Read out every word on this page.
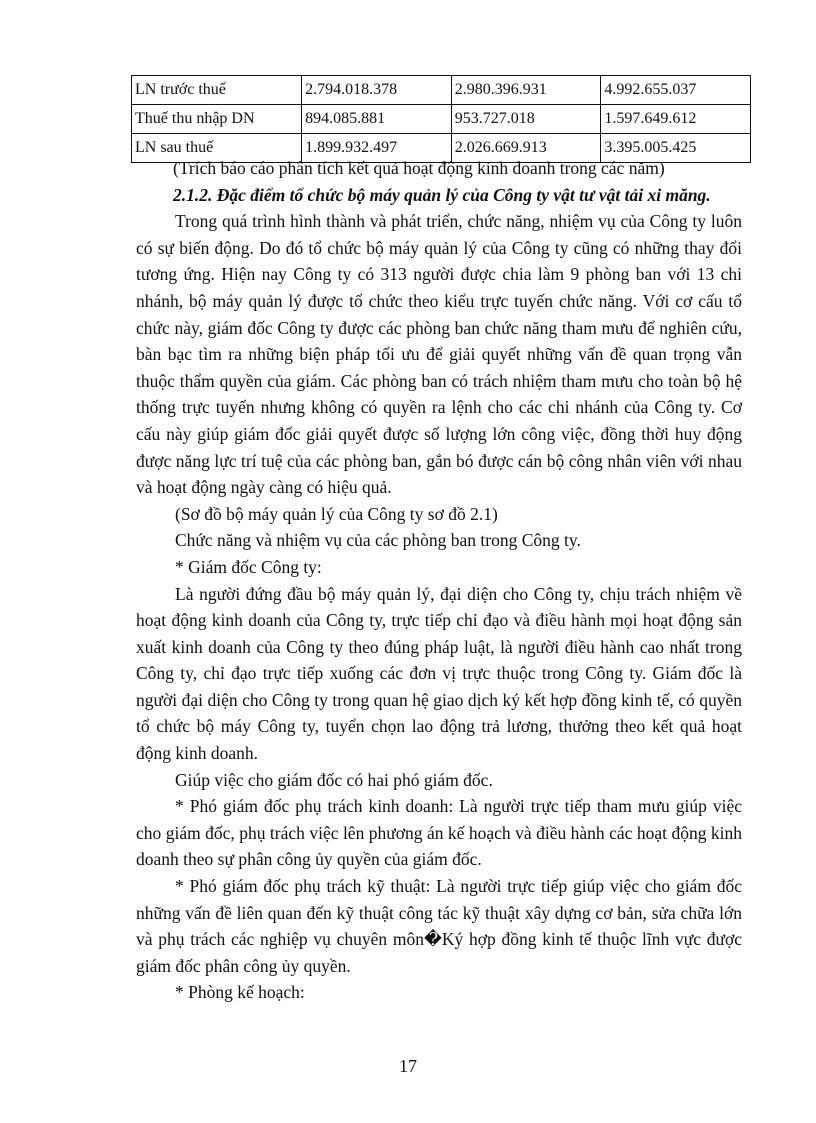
LN trước thuế	2.794.018.378	2.980.396.931	4.992.655.037
Thuế thu nhập DN	894.085.881	953.727.018	1.597.649.612
LN sau thuế	1.899.932.497	2.026.669.913	3.395.005.425

(Trích báo cáo phân tích kết quả hoạt động kinh doanh trong các năm)

2.1.2. Đặc điểm tổ chức bộ máy quản lý của Công ty vật tư vật tải xi măng.

Trong quá trình hình thành và phát triển, chức năng, nhiệm vụ của Công ty luôn có sự biến động. Do đó tổ chức bộ máy quản lý của Công ty cũng có những thay đổi tương ứng. Hiện nay Công ty có 313 người được chia làm 9 phòng ban với 13 chi nhánh, bộ máy quản lý được tổ chức theo kiểu trực tuyến chức năng. Với cơ cấu tổ chức này, giám đốc Công ty được các phòng ban chức năng tham mưu để nghiên cứu, bàn bạc tìm ra những biện pháp tối ưu để giải quyết những vấn đề quan trọng vẫn thuộc thẩm quyền của giám. Các phòng ban có trách nhiệm tham mưu cho toàn bộ hệ thống trực tuyến nhưng không có quyền ra lệnh cho các chi nhánh của Công ty. Cơ cấu này giúp giám đốc giải quyết được số lượng lớn công việc, đồng thời huy động được năng lực trí tuệ của các phòng ban, gắn bó được cán bộ công nhân viên với nhau và hoạt động ngày càng có hiệu quả.

(Sơ đồ bộ máy quản lý của Công ty sơ đồ 2.1)

Chức năng và nhiệm vụ của các phòng ban trong Công ty.

* Giám đốc Công ty:

Là người đứng đầu bộ máy quản lý, đại diện cho Công ty, chịu trách nhiệm về hoạt động kinh doanh của Công ty, trực tiếp chỉ đạo và điều hành mọi hoạt động sản xuất kinh doanh của Công ty theo đúng pháp luật, là người điều hành cao nhất trong Công ty, chỉ đạo trực tiếp xuống các đơn vị trực thuộc trong Công ty. Giám đốc là người đại diện cho Công ty trong quan hệ giao dịch ký kết hợp đồng kinh tế, có quyền tổ chức bộ máy Công ty, tuyển chọn lao động trả lương, thưởng theo kết quả hoạt động kinh doanh.

Giúp việc cho giám đốc có hai phó giám đốc.

* Phó giám đốc phụ trách kinh doanh: Là người trực tiếp tham mưu giúp việc cho giám đốc, phụ trách việc lên phương án kế hoạch và điều hành các hoạt động kinh doanh theo sự phân công ủy quyền của giám đốc.

* Phó giám đốc phụ trách kỹ thuật: Là người trực tiếp giúp việc cho giám đốc những vấn đề liên quan đến kỹ thuật công tác kỹ thuật xây dựng cơ bản, sửa chữa lớn và phụ trách các nghiệp vụ chuyên môn�Ký hợp đồng kinh tế thuộc lĩnh vực được giám đốc phân công ủy quyền.

* Phòng kế hoạch:

17
